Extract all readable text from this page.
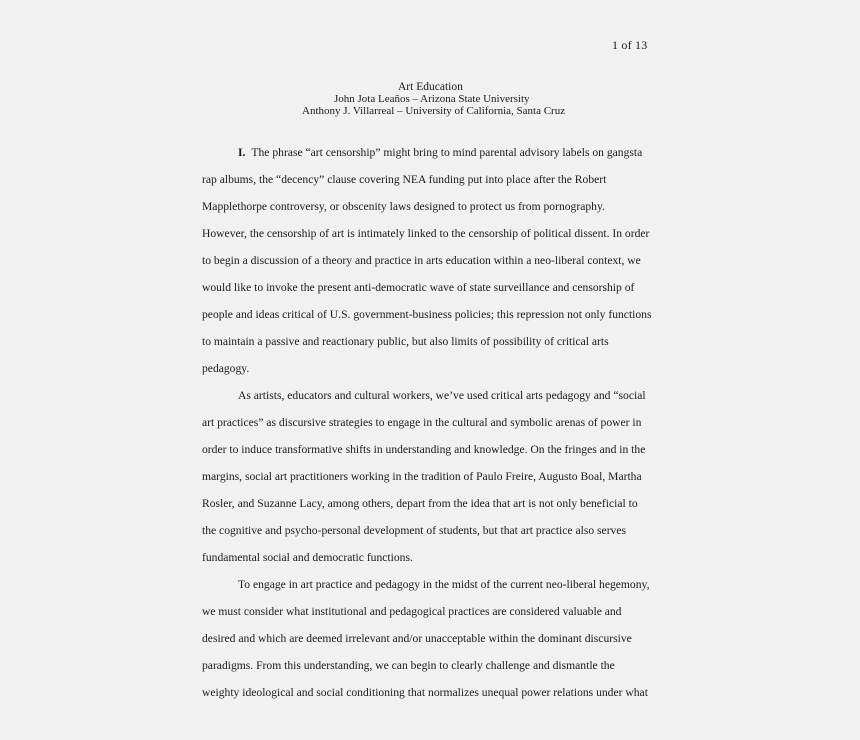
1 of 13
Art Education
John Jota Leaños – Arizona State University
Anthony J. Villarreal – University of California, Santa Cruz
I. The phrase “art censorship” might bring to mind parental advisory labels on gangsta
rap albums, the “decency” clause covering NEA funding put into place after the Robert
Mapplethorpe controversy, or obscenity laws designed to protect us from pornography.
However, the censorship of art is intimately linked to the censorship of political dissent. In order
to begin a discussion of a theory and practice in arts education within a neo-liberal context, we
would like to invoke the present anti-democratic wave of state surveillance and censorship of
people and ideas critical of U.S. government-business policies; this repression not only functions
to maintain a passive and reactionary public, but also limits of possibility of critical arts
pedagogy.
As artists, educators and cultural workers, we’ve used critical arts pedagogy and “social
art practices” as discursive strategies to engage in the cultural and symbolic arenas of power in
order to induce transformative shifts in understanding and knowledge. On the fringes and in the
margins, social art practitioners working in the tradition of Paulo Freire, Augusto Boal, Martha
Rosler, and Suzanne Lacy, among others, depart from the idea that art is not only beneficial to
the cognitive and psycho-personal development of students, but that art practice also serves
fundamental social and democratic functions.
To engage in art practice and pedagogy in the midst of the current neo-liberal hegemony,
we must consider what institutional and pedagogical practices are considered valuable and
desired and which are deemed irrelevant and/or unacceptable within the dominant discursive
paradigms. From this understanding, we can begin to clearly challenge and dismantle the
weighty ideological and social conditioning that normalizes unequal power relations under what
